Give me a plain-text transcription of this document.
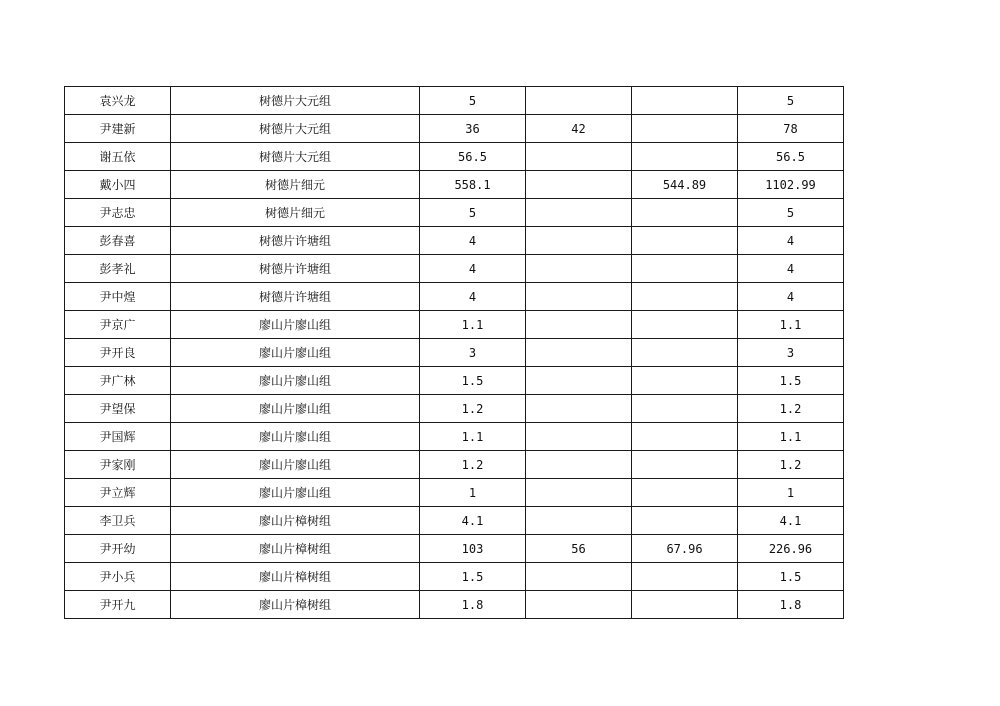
袁兴龙	树德片大元组	5			5
尹建新	树德片大元组	36	42		78
谢五依	树德片大元组	56.5			56.5
戴小四	树德片细元	558.1		544.89	1102.99
尹志忠	树德片细元	5			5
彭春喜	树德片许塘组	4			4
彭孝礼	树德片许塘组	4			4
尹中煌	树德片许塘组	4			4
尹京广	廖山片廖山组	1.1			1.1
尹开良	廖山片廖山组	3			3
尹广林	廖山片廖山组	1.5			1.5
尹望保	廖山片廖山组	1.2			1.2
尹国辉	廖山片廖山组	1.1			1.1
尹家刚	廖山片廖山组	1.2			1.2
尹立辉	廖山片廖山组	1			1
李卫兵	廖山片樟树组	4.1			4.1
尹开幼	廖山片樟树组	103	56	67.96	226.96
尹小兵	廖山片樟树组	1.5			1.5
尹开九	廖山片樟树组	1.8			1.8
